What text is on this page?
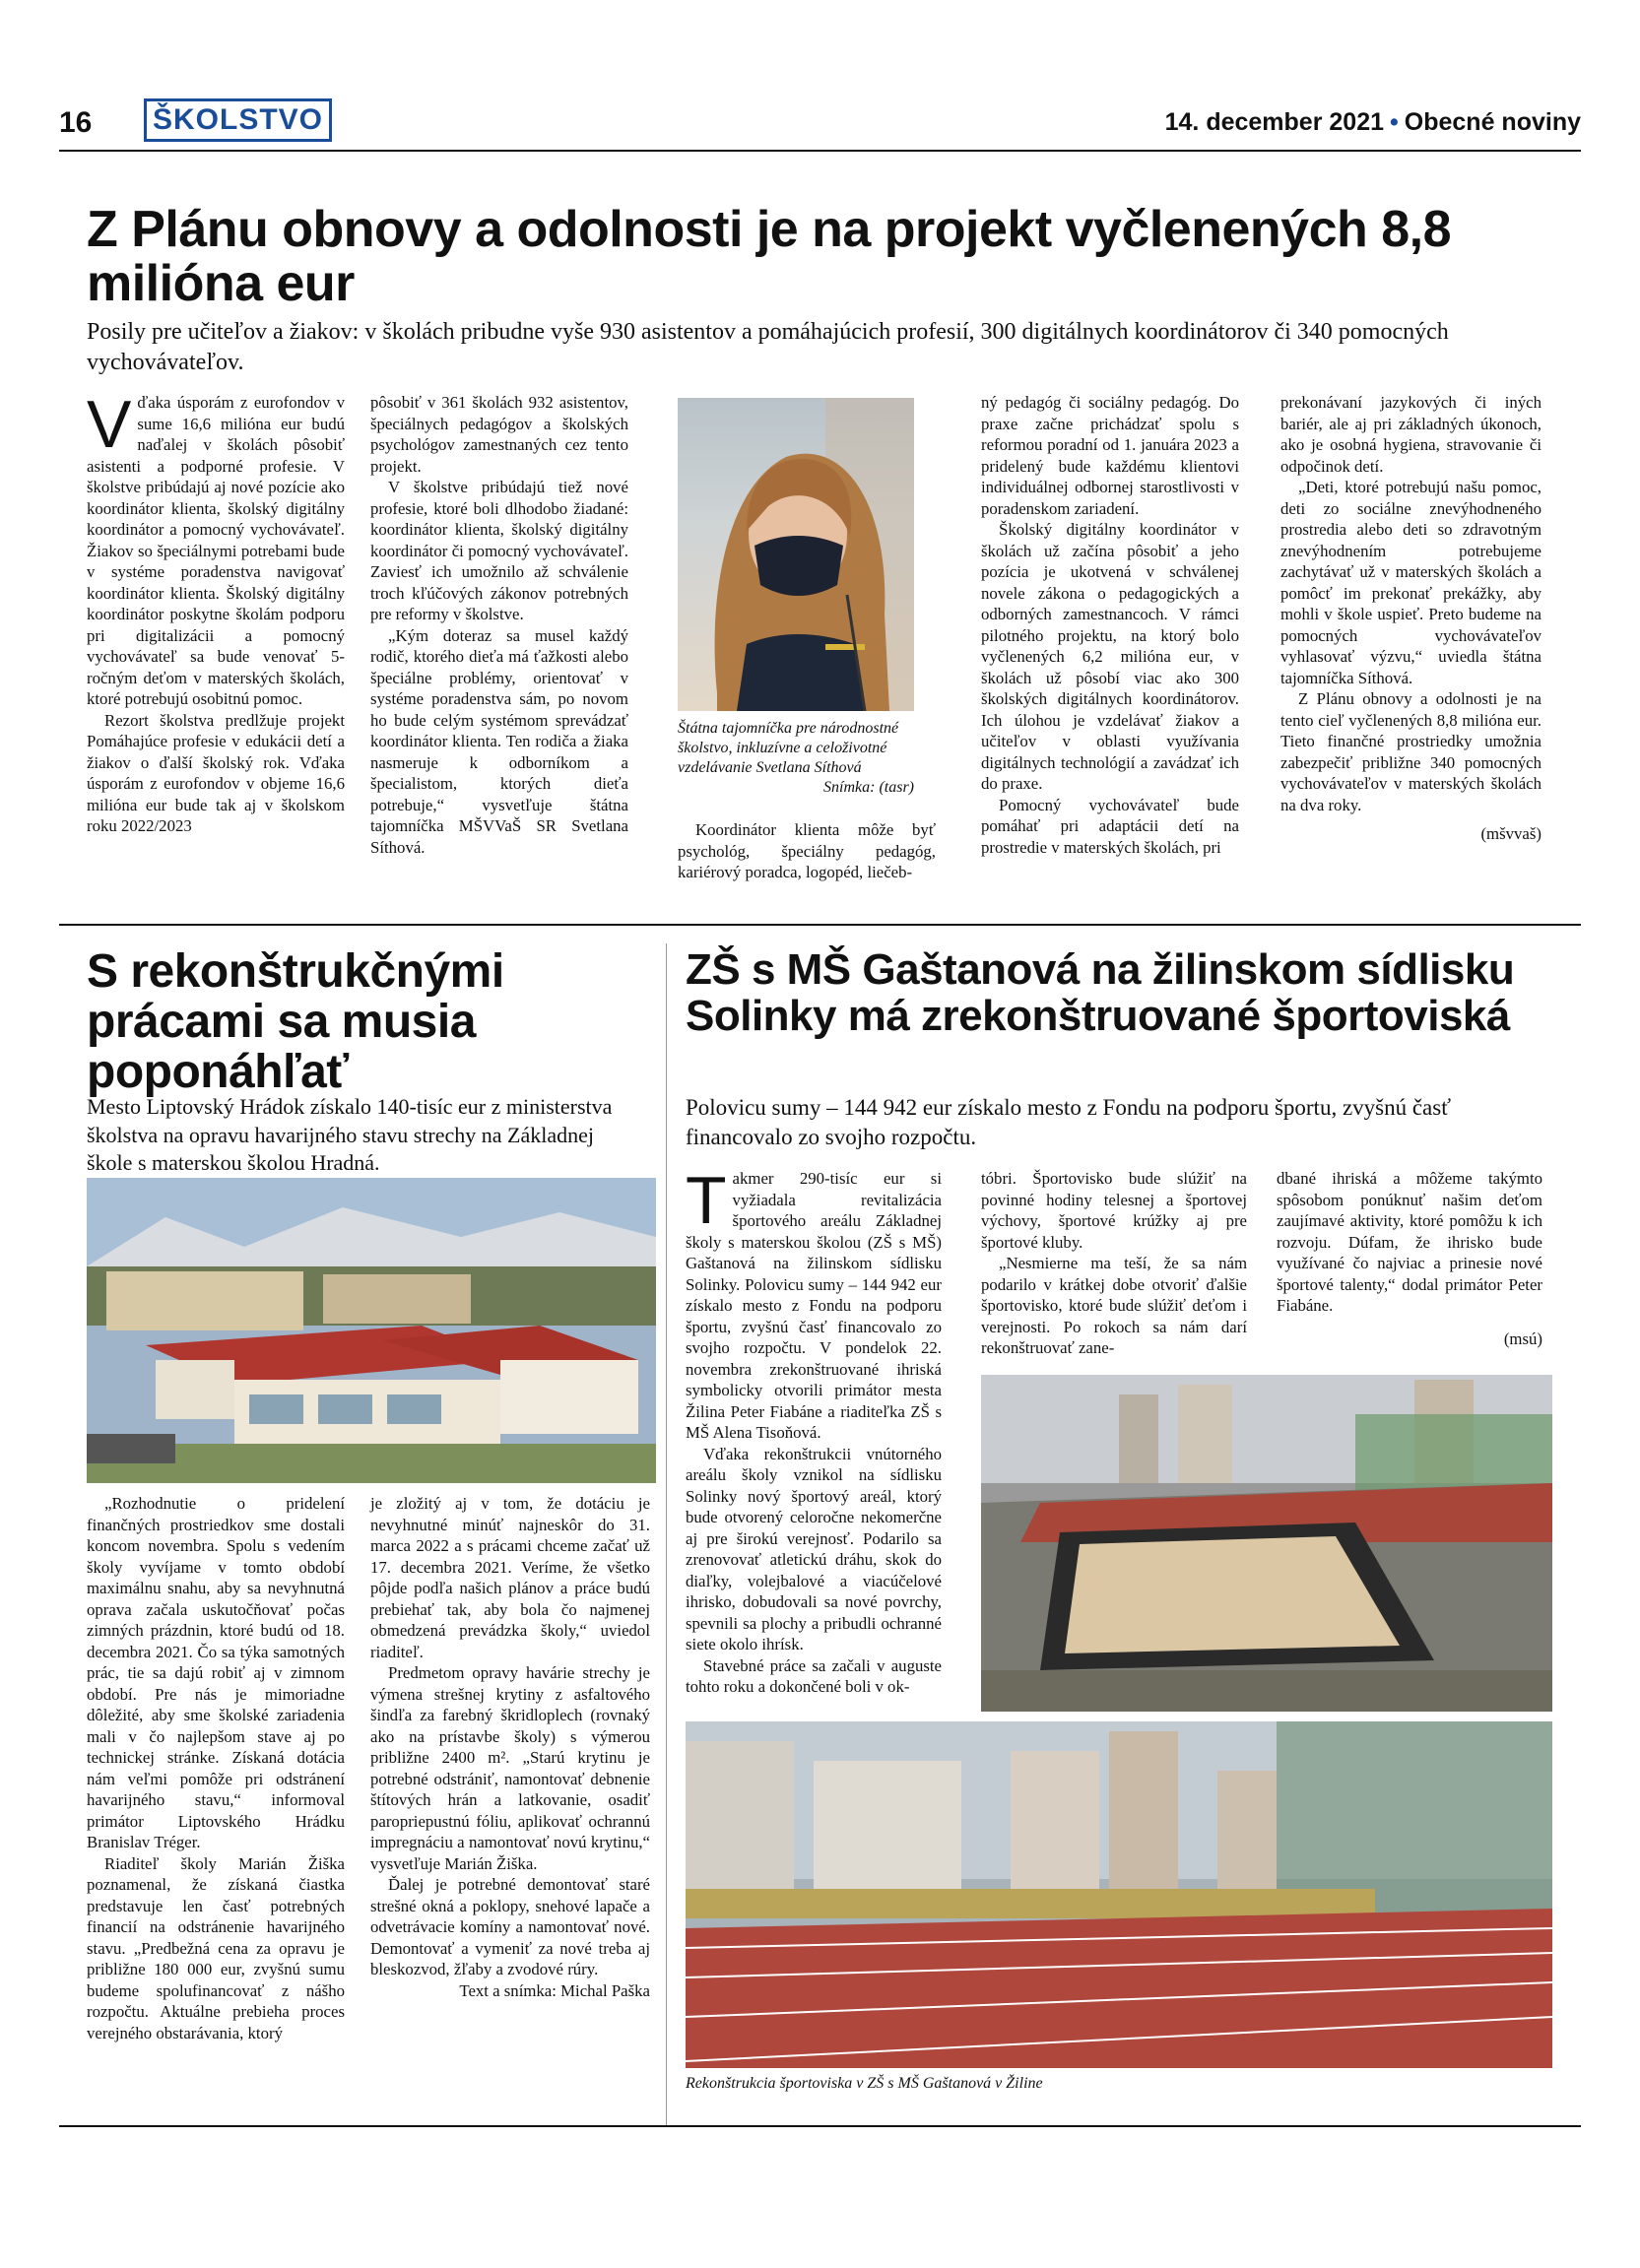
16 ŠKOLSTVO	14. december 2021 • Obecné noviny
Z Plánu obnovy a odolnosti je na projekt vyčlenených 8,8 milióna eur
Posily pre učiteľov a žiakov: v školách pribudne vyše 930 asistentov a pomáhajúcich profesií, 300 digitálnych koordinátorov či 340 pomocných vychovávateľov.
V ďaka úsporám z eurofondov v sume 16,6 milióna eur budú naďalej v školách pôsobiť asistenti a podporné profesie. V školstve pribúdajú aj nové pozície ako koordinátor klienta, školský digitálny koordinátor a pomocný vychovávateľ. Žiakov so špeciálnymi potrebami bude v systéme poradenstva navigovať koordinátor klienta. Školský digitálny koordinátor poskytne školám podporu pri digitalizácii a pomocný vychovávateľ sa bude venovať 5-ročným deťom v materských školách, ktoré potrebujú osobitnú pomoc.

Rezort školstva predlžuje projekt Pomáhajúce profesie v edukácii detí a žiakov o ďalší školský rok. Vďaka úsporám z eurofondov v objeme 16,6 milióna eur bude tak aj v školskom roku 2022/2023

pôsobiť v 361 školách 932 asistentov, špeciálnych pedagógov a školských psychológov zamestnaných cez tento projekt.

V školstve pribúdajú tiež nové profesie, ktoré boli dlhodobo žiadané: koordinátor klienta, školský digitálny koordinátor či pomocný vychovávateľ. Zaviesť ich umožnilo až schválenie troch kľúčových zákonov potrebných pre reformy v školstve.

„Kým doteraz sa musel každý rodič, ktorého dieťa má ťažkosti alebo špeciálne problémy, orientovať v systéme poradenstva sám, po novom ho bude celým systémom sprevádzať koordinátor klienta. Ten rodiča a žiaka nasmeruje k odborníkom a špecialistom, ktorých dieťa potrebuje,“ vysvetľuje štátna tajomníčka MŠVVaŠ SR Svetlana Síthová.

Štátna tajomníčka pre národnostné školstvo, inkluzívne a celoživotné vzdelávanie Svetlana Síthová
Snímka: (tasr)

Koordinátor klienta môže byť psychológ, špeciálny pedagóg, kariérový poradca, logopéd, liečeb-

ný pedagóg či sociálny pedagóg. Do praxe začne prichádzať spolu s reformou poradní od 1. januára 2023 a pridelený bude každému klientovi individuálnej odbornej starostlivosti v poradenskom zariadení.

Školský digitálny koordinátor v školách už začína pôsobiť a jeho pozícia je ukotvená v schválenej novele zákona o pedagogických a odborných zamestnancoch. V rámci pilotného projektu, na ktorý bolo vyčlenených 6,2 milióna eur, v školách už pôsobí viac ako 300 školských digitálnych koordinátorov. Ich úlohou je vzdelávať žiakov a učiteľov v oblasti využívania digitálnych technológií a zavádzať ich do praxe.

Pomocný vychovávateľ bude pomáhať pri adaptácii detí na prostredie v materských školách, pri

prekonávaní jazykových či iných bariér, ale aj pri základných úkonoch, ako je osobná hygiena, stravovanie či odpočinok detí.

„Deti, ktoré potrebujú našu pomoc, deti zo sociálne znevýhodneného prostredia alebo deti so zdravotným znevýhodnením potrebujeme zachytávať už v materských školách a pomôcť im prekonať prekážky, aby mohli v škole uspieť. Preto budeme na pomocných vychovávateľov vyhlasovať výzvu,“ uviedla štátna tajomníčka Síthová.

Z Plánu obnovy a odolnosti je na tento cieľ vyčlenených 8,8 milióna eur. Tieto finančné prostriedky umožnia zabezpečiť približne 340 pomocných vychovávateľov v materských školách na dva roky.

(mšvvaš)

S rekonštrukčnými prácami sa musia poponáhľať
Mesto Liptovský Hrádok získalo 140-tisíc eur z ministerstva školstva na opravu havarijného stavu strechy na Základnej škole s materskou školou Hradná.

„Rozhodnutie o pridelení finančných prostriedkov sme dostali koncom novembra. Spolu s vedením školy vyvíjame v tomto období maximálnu snahu, aby sa nevyhnutná oprava začala uskutočňovať počas zimných prázdnin, ktoré budú od 18. decembra 2021. Čo sa týka samotných prác, tie sa dajú robiť aj v zimnom období. Pre nás je mimoriadne dôležité, aby sme školské zariadenia mali v čo najlepšom stave aj po technickej stránke. Získaná dotácia nám veľmi pomôže pri odstránení havarijného stavu,“ informoval primátor Liptovského Hrádku Branislav Tréger.

Riaditeľ školy Marián Žiška poznamenal, že získaná čiastka predstavuje len časť potrebných financií na odstránenie havarijného stavu. „Predbežná cena za opravu je približne 180 000 eur, zvyšnú sumu budeme spolufinancovať z nášho rozpočtu. Aktuálne prebieha proces verejného obstarávania, ktorý

je zložitý aj v tom, že dotáciu je nevyhnutné minúť najneskôr do 31. marca 2022 a s prácami chceme začať už 17. decembra 2021. Veríme, že všetko pôjde podľa našich plánov a práce budú prebiehať tak, aby bola čo najmenej obmedzená prevádzka školy,“ uviedol riaditeľ.

Predmetom opravy havárie strechy je výmena strešnej krytiny z asfaltového šindľa za farebný škridloplech (rovnaký ako na prístavbe školy) s výmerou približne 2400 m². „Starú krytinu je potrebné odstrániť, namontovať debnenie štítových hrán a latkovanie, osadiť paropriepustnú fóliu, aplikovať ochrannú impregnáciu a namontovať novú krytinu,“ vysvetľuje Marián Žiška.

Ďalej je potrebné demontovať staré strešné okná a poklopy, snehové lapače a odvetrávacie komíny a namontovať nové. Demontovať a vymeniť za nové treba aj bleskozvod, žľaby a zvodové rúry.

Text a snímka: Michal Paška

ZŠ s MŠ Gaštanová na žilinskom sídlisku Solinky má zrekonštruované športoviská
Polovicu sumy – 144 942 eur získalo mesto z Fondu na podporu športu, zvyšnú časť financovalo zo svojho rozpočtu.
T akmer 290-tisíc eur si vyžiadala revitalizácia športového areálu Základnej školy s materskou školou (ZŠ s MŠ) Gaštanová na žilinskom sídlisku Solinky. Polovicu sumy – 144 942 eur získalo mesto z Fondu na podporu športu, zvyšnú časť financovalo zo svojho rozpočtu. V pondelok 22. novembra zrekonštruované ihriská symbolicky otvorili primátor mesta Žilina Peter Fiabáne a riaditeľka ZŠ s MŠ Alena Tisoňová.

Vďaka rekonštrukcii vnútorného areálu školy vznikol na sídlisku Solinky nový športový areál, ktorý bude otvorený celoročne nekomerčne aj pre širokú verejnosť. Podarilo sa zrenovovať atletickú dráhu, skok do diaľky, volejbalové a viacúčelové ihrisko, dobudovali sa nové povrchy, spevnili sa plochy a pribudli ochranné siete okolo ihrísk.

Stavebné práce sa začali v auguste tohto roku a dokončené boli v ok-

tóbri. Športovisko bude slúžiť na povinné hodiny telesnej a športovej výchovy, športové krúžky aj pre športové kluby.

„Nesmierne ma teší, že sa nám podarilo v krátkej dobe otvoriť ďalšie športovisko, ktoré bude slúžiť deťom i verejnosti. Po rokoch sa nám darí rekonštruovať zane-

dbané ihriská a môžeme takýmto spôsobom ponúknuť našim deťom zaujímavé aktivity, ktoré pomôžu k ich rozvoju. Dúfam, že ihrisko bude využívané čo najviac a prinesie nové športové talenty,“ dodal primátor Peter Fiabáne.

(msú)

Rekonštrukcia športoviska v ZŠ s MŠ Gaštanová v Žiline
